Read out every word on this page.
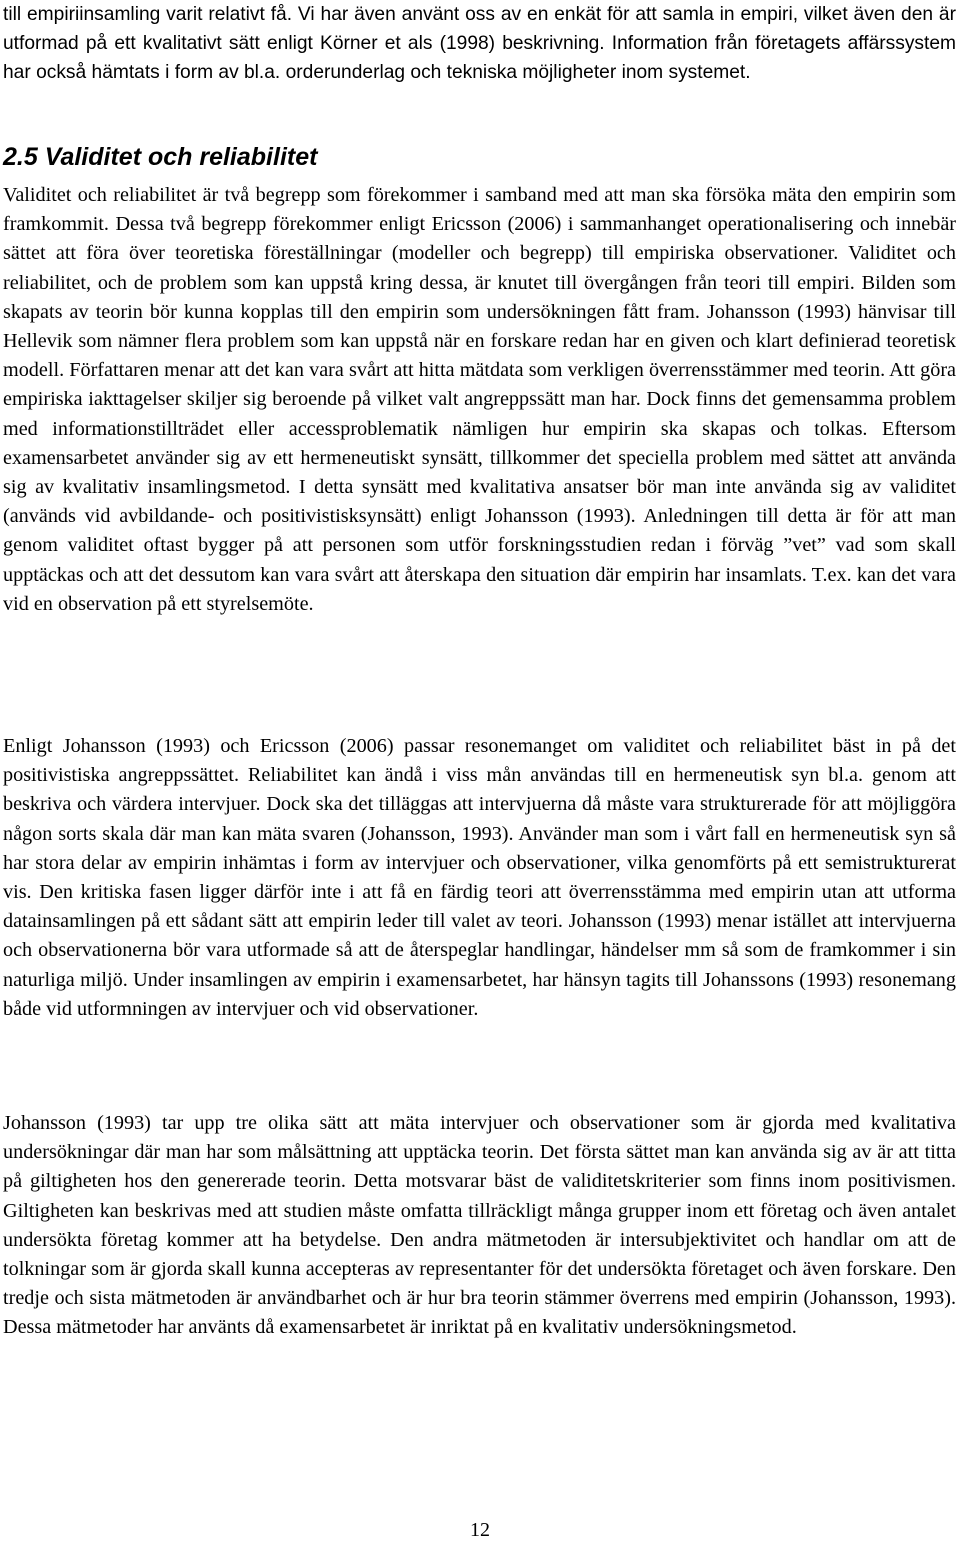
till empiriinsamling varit relativt få. Vi har även använt oss av en enkät för att samla in empiri, vilket även den är utformad på ett kvalitativt sätt enligt Körner et als (1998) beskrivning. Information från företagets affärssystem har också hämtats i form av bl.a. orderunderlag och tekniska möjligheter inom systemet.

2.5 Validitet och reliabilitet

Validitet och reliabilitet är två begrepp som förekommer i samband med att man ska försöka mäta den empirin som framkommit. Dessa två begrepp förekommer enligt Ericsson (2006) i sammanhanget operationalisering och innebär sättet att föra över teoretiska föreställningar (modeller och begrepp) till empiriska observationer. Validitet och reliabilitet, och de problem som kan uppstå kring dessa, är knutet till övergången från teori till empiri. Bilden som skapats av teorin bör kunna kopplas till den empirin som undersökningen fått fram. Johansson (1993) hänvisar till Hellevik som nämner flera problem som kan uppstå när en forskare redan har en given och klart definierad teoretisk modell. Författaren menar att det kan vara svårt att hitta mätdata som verkligen överrensstämmer med teorin. Att göra empiriska iakttagelser skiljer sig beroende på vilket valt angreppssätt man har. Dock finns det gemensamma problem med informationstillträdet eller accessproblematik nämligen hur empirin ska skapas och tolkas. Eftersom examensarbetet använder sig av ett hermeneutiskt synsätt, tillkommer det speciella problem med sättet att använda sig av kvalitativ insamlingsmetod. I detta synsätt med kvalitativa ansatser bör man inte använda sig av validitet (används vid avbildande- och positivistisksynsätt) enligt Johansson (1993). Anledningen till detta är för att man genom validitet oftast bygger på att personen som utför forskningsstudien redan i förväg ”vet” vad som skall upptäckas och att det dessutom kan vara svårt att återskapa den situation där empirin har insamlats. T.ex. kan det vara vid en observation på ett styrelsemöte.

Enligt Johansson (1993) och Ericsson (2006) passar resonemanget om validitet och reliabilitet bäst in på det positivistiska angreppssättet. Reliabilitet kan ändå i viss mån användas till en hermeneutisk syn bl.a. genom att beskriva och värdera intervjuer. Dock ska det tilläggas att intervjuerna då måste vara strukturerade för att möjliggöra någon sorts skala där man kan mäta svaren (Johansson, 1993). Använder man som i vårt fall en hermeneutisk syn så har stora delar av empirin inhämtas i form av intervjuer och observationer, vilka genomförts på ett semistrukturerat vis. Den kritiska fasen ligger därför inte i att få en färdig teori att överrensstämma med empirin utan att utforma datainsamlingen på ett sådant sätt att empirin leder till valet av teori. Johansson (1993) menar istället att intervjuerna och observationerna bör vara utformade så att de återspeglar handlingar, händelser mm så som de framkommer i sin naturliga miljö. Under insamlingen av empirin i examensarbetet, har hänsyn tagits till Johanssons (1993) resonemang både vid utformningen av intervjuer och vid observationer.

Johansson (1993) tar upp tre olika sätt att mäta intervjuer och observationer som är gjorda med kvalitativa undersökningar där man har som målsättning att upptäcka teorin. Det första sättet man kan använda sig av är att titta på giltigheten hos den genererade teorin. Detta motsvarar bäst de validitetskriterier som finns inom positivismen. Giltigheten kan beskrivas med att studien måste omfatta tillräckligt många grupper inom ett företag och även antalet undersökta företag kommer att ha betydelse. Den andra mätmetoden är intersubjektivitet och handlar om att de tolkningar som är gjorda skall kunna accepteras av representanter för det undersökta företaget och även forskare. Den tredje och sista mätmetoden är användbarhet och är hur bra teorin stämmer överrens med empirin (Johansson, 1993). Dessa mätmetoder har använts då examensarbetet är inriktat på en kvalitativ undersökningsmetod.

12
